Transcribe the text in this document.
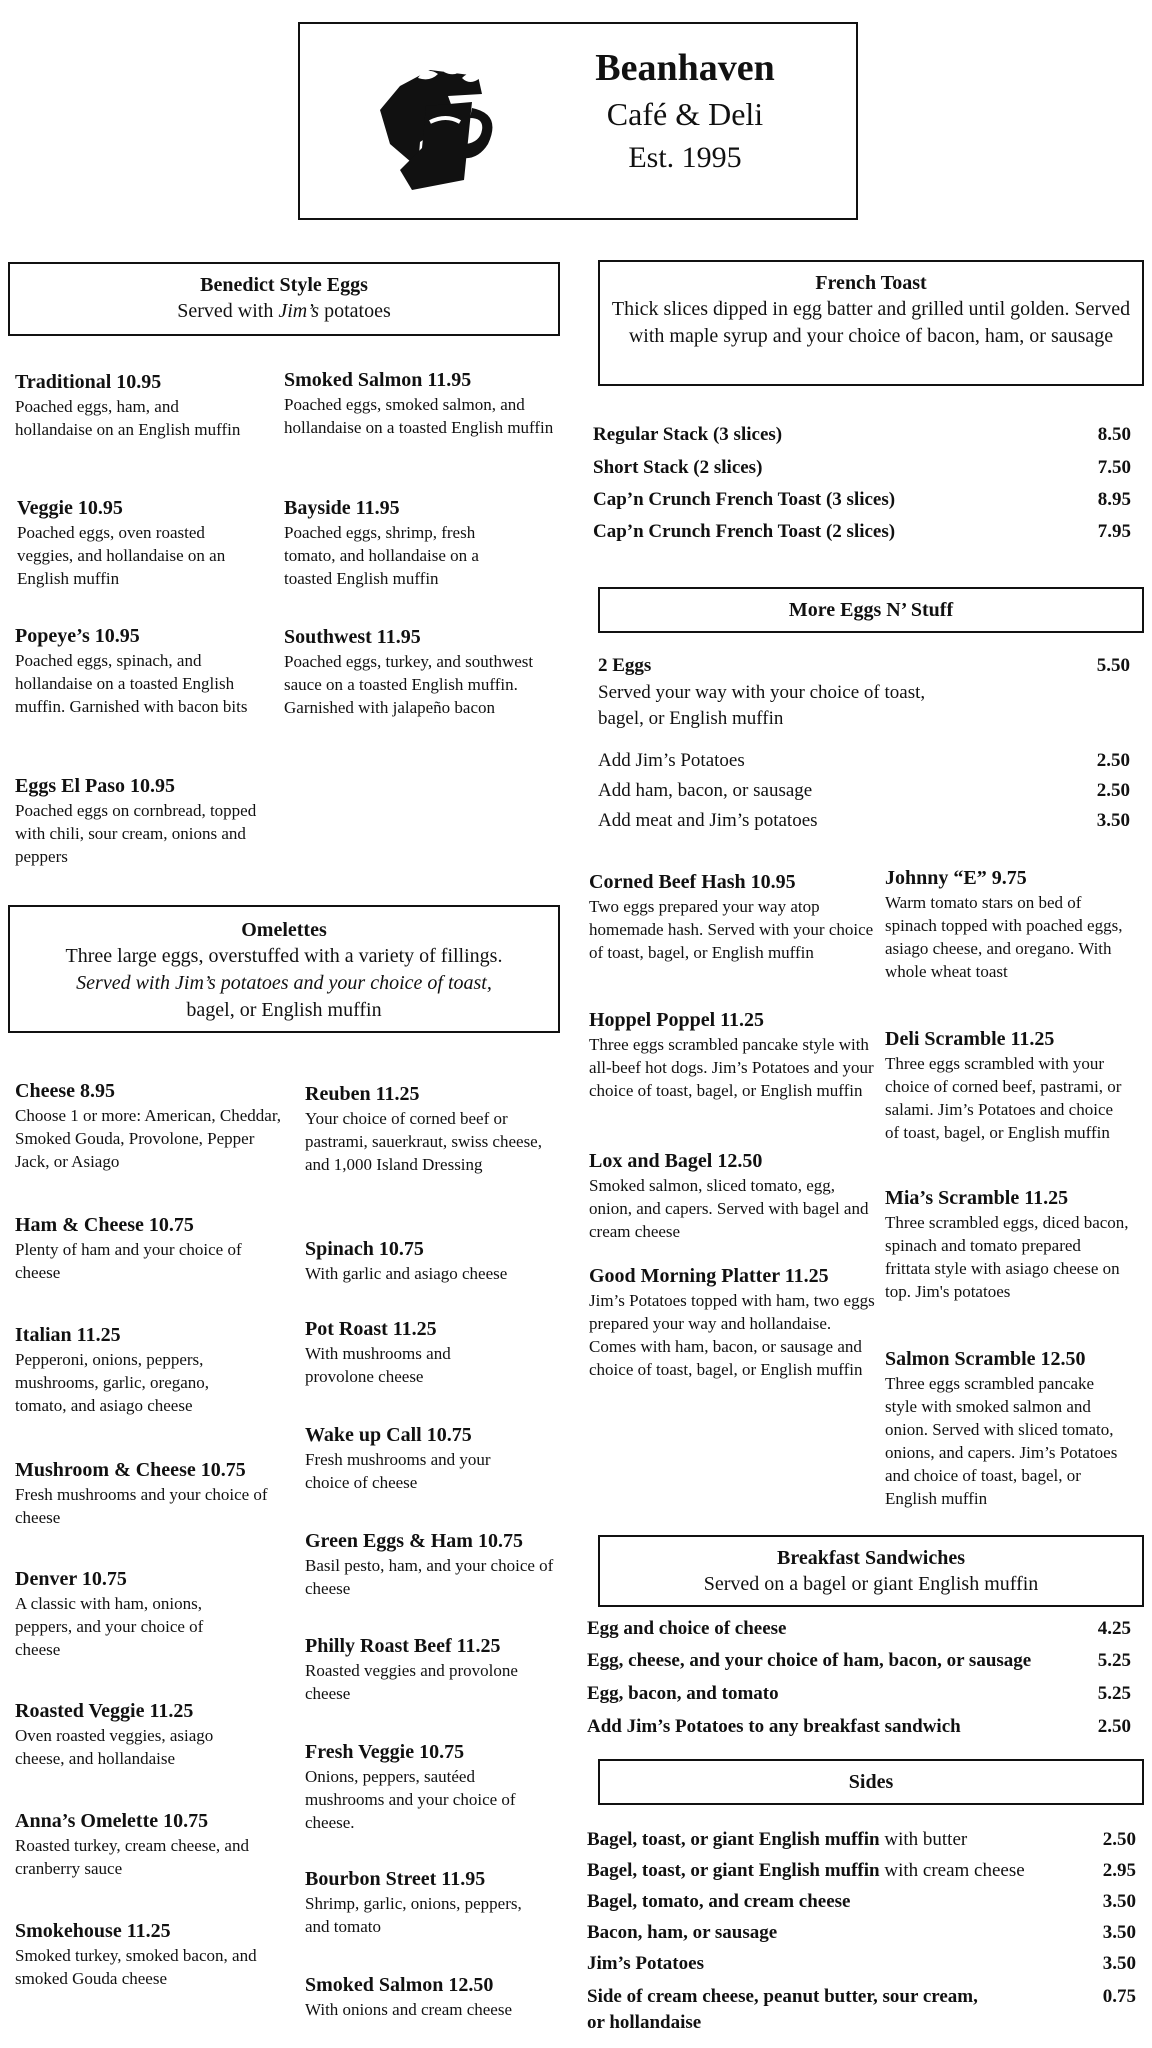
Beanhaven
Café & Deli
Est. 1995
Benedict Style Eggs
Served with Jim’s potatoes
Traditional 10.95
Poached eggs, ham, and hollandaise on an English muffin
Smoked Salmon 11.95
Poached eggs, smoked salmon, and hollandaise on a toasted English muffin
Veggie 10.95
Poached eggs, oven roasted veggies, and hollandaise on an English muffin
Bayside 11.95
Poached eggs, shrimp, fresh tomato, and hollandaise on a toasted English muffin
Popeye’s 10.95
Poached eggs, spinach, and hollandaise on a toasted English muffin. Garnished with bacon bits
Southwest 11.95
Poached eggs, turkey, and southwest sauce on a toasted English muffin. Garnished with jalapeño bacon
Eggs El Paso 10.95
Poached eggs on cornbread, topped with chili, sour cream, onions and peppers
French Toast
Thick slices dipped in egg batter and grilled until golden. Served with maple syrup and your choice of bacon, ham, or sausage
Regular Stack (3 slices)	8.50
Short Stack (2 slices)	7.50
Cap’n Crunch French Toast (3 slices)	8.95
Cap’n Crunch French Toast (2 slices)	7.95
More Eggs N’ Stuff
2 Eggs	5.50
Served your way with your choice of toast, bagel, or English muffin
Add Jim’s Potatoes	2.50
Add ham, bacon, or sausage	2.50
Add meat and Jim’s potatoes	3.50
Corned Beef Hash 10.95
Two eggs prepared your way atop homemade hash. Served with your choice of toast, bagel, or English muffin
Johnny “E” 9.75
Warm tomato stars on bed of spinach topped with poached eggs, asiago cheese, and oregano. With whole wheat toast
Hoppel Poppel 11.25
Three eggs scrambled pancake style with all-beef hot dogs. Jim’s Potatoes and your choice of toast, bagel, or English muffin
Deli Scramble 11.25
Three eggs scrambled with your choice of corned beef, pastrami, or salami. Jim’s Potatoes and choice of toast, bagel, or English muffin
Lox and Bagel 12.50
Smoked salmon, sliced tomato, egg, onion, and capers. Served with bagel and cream cheese
Mia’s Scramble 11.25
Three scrambled eggs, diced bacon, spinach and tomato prepared frittata style with asiago cheese on top. Jim's potatoes
Good Morning Platter 11.25
Jim’s Potatoes topped with ham, two eggs prepared your way and hollandaise. Comes with ham, bacon, or sausage and choice of toast, bagel, or English muffin	Salmon Scramble 12.50
Three eggs scrambled pancake style with smoked salmon and onion. Served with sliced tomato, onions, and capers. Jim’s Potatoes and choice of toast, bagel, or English muffin
Omelettes
Three large eggs, overstuffed with a variety of fillings.
Served with Jim’s potatoes and your choice of toast,
bagel, or English muffin
Cheese 8.95
Choose 1 or more: American, Cheddar, Smoked Gouda, Provolone, Pepper Jack, or Asiago
Reuben 11.25
Your choice of corned beef or pastrami, sauerkraut, swiss cheese, and 1,000 Island Dressing
Ham & Cheese 10.75
Plenty of ham and your choice of cheese
Spinach 10.75
With garlic and asiago cheese
Italian 11.25
Pepperoni, onions, peppers, mushrooms, garlic, oregano, tomato, and asiago cheese
Pot Roast 11.25
With mushrooms and provolone cheese
Mushroom & Cheese 10.75
Fresh mushrooms and your choice of cheese
Wake up Call 10.75
Fresh mushrooms and your choice of cheese
Denver 10.75
A classic with ham, onions, peppers, and your choice of cheese
Green Eggs & Ham 10.75
Basil pesto, ham, and your choice of cheese
Roasted Veggie 11.25
Oven roasted veggies, asiago cheese, and hollandaise
Philly Roast Beef 11.25
Roasted veggies and provolone cheese
Anna’s Omelette 10.75
Roasted turkey, cream cheese, and cranberry sauce
Fresh Veggie 10.75
Onions, peppers, sautéed mushrooms and your choice of cheese.
Smokehouse 11.25
Smoked turkey, smoked bacon, and smoked Gouda cheese
Bourbon Street 11.95
Shrimp, garlic, onions, peppers, and tomato
Smoked Salmon 12.50
With onions and cream cheese
Breakfast Sandwiches
Served on a bagel or giant English muffin
Egg and choice of cheese	4.25
Egg, cheese, and your choice of ham, bacon, or sausage	5.25
Egg, bacon, and tomato	5.25
Add Jim’s Potatoes to any breakfast sandwich	2.50
Sides
Bagel, toast, or giant English muffin with butter	2.50
Bagel, toast, or giant English muffin with cream cheese	2.95
Bagel, tomato, and cream cheese	3.50
Bacon, ham, or sausage	3.50
Jim’s Potatoes	3.50
Side of cream cheese, peanut butter, sour cream,	0.75
or hollandaise
